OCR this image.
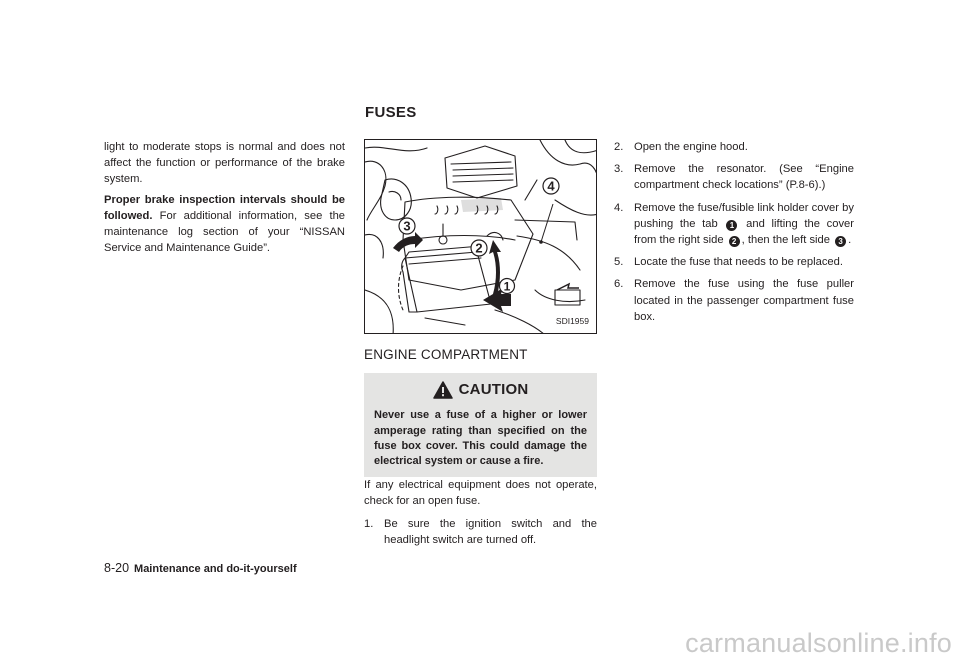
FUSES

light to moderate stops is normal and does not affect the function or performance of the brake system.

Proper brake inspection intervals should be followed. For additional information, see the maintenance log section of your “NISSAN Service and Maintenance Guide”.

1
2
3
4
SDI1959
ENGINE COMPARTMENT
CAUTION

Never use a fuse of a higher or lower amperage rating than specified on the fuse box cover. This could damage the electrical system or cause a fire.

If any electrical equipment does not operate, check for an open fuse.

1. Be sure the ignition switch and the headlight switch are turned off.
2. Open the engine hood.
3. Remove the resonator. (See “Engine compartment check locations” (P.8-6).)
4. Remove the fuse/fusible link holder cover by pushing the tab 1 and lifting the cover from the right side 2 , then the left side 3 .
5. Locate the fuse that needs to be replaced.
6. Remove the fuse using the fuse puller located in the passenger compartment fuse box.
8-20 Maintenance and do-it-yourself
carmanualsonline.info
